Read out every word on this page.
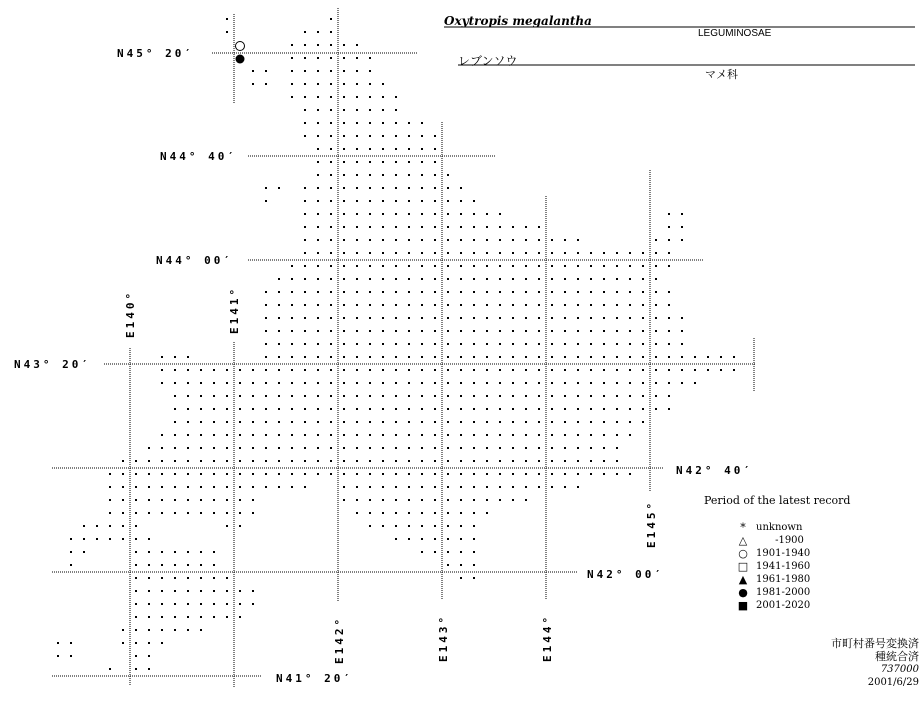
Oxytropis megalantha
LEGUMINOSAE
レブンソウ
マメ科
N45° 20′
N44° 40′
N44° 00′
N43° 20′
N42° 40′
N42° 00′
N41° 20′
E140°	E141°
E142°	E143°	E144°
E145°	Period of the latest record
*	unknown
△ -1900
○ 1901-1940
□ 1941-1960
▲ 1961-1980
● 1981-2000
■ 2001-2020
市町村番号変換済
種統合済
737000
2001/6/29
